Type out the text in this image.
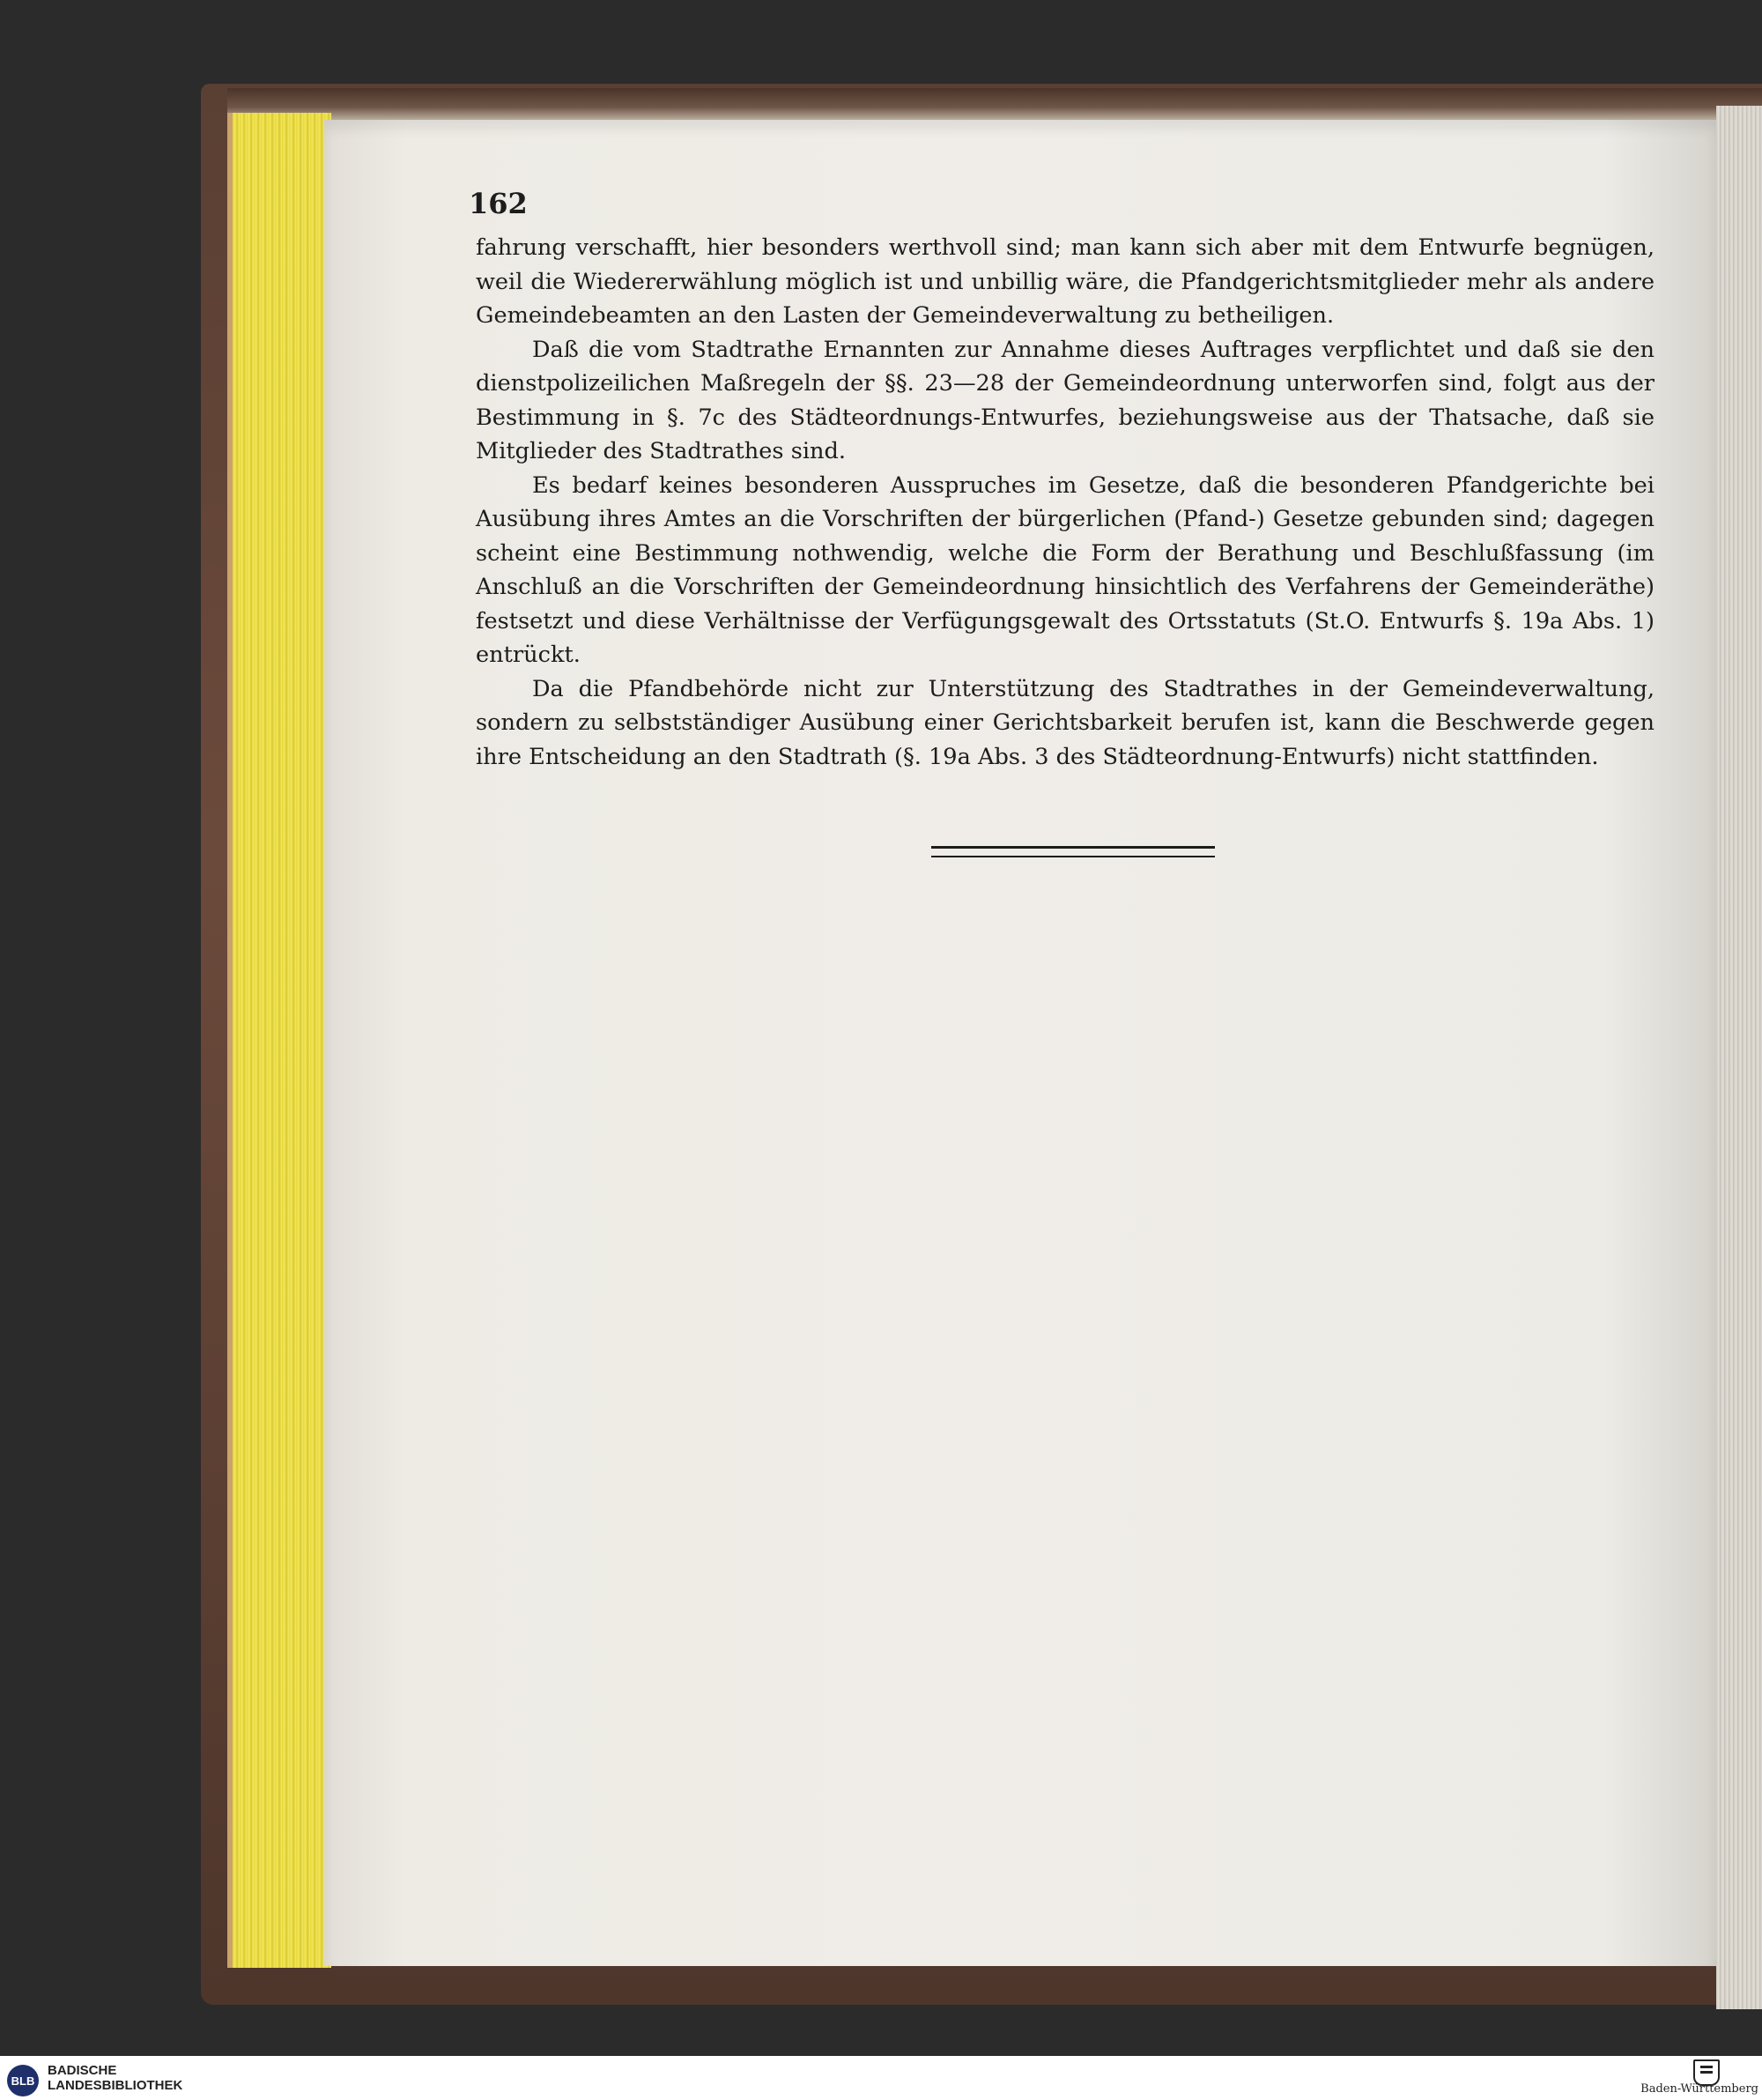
162

fahrung verschafft, hier besonders werthvoll sind; man kann sich aber mit dem Entwurfe begnügen, weil die Wiedererwählung möglich ist und unbillig wäre, die Pfandgerichtsmitglieder mehr als andere Gemeindebeamten an den Lasten der Gemeindeverwaltung zu betheiligen.

Daß die vom Stadtrathe Ernannten zur Annahme dieses Auftrages verpflichtet und daß sie den dienstpolizeilichen Maßregeln der §§. 23—28 der Gemeindeordnung unterworfen sind, folgt aus der Bestimmung in §. 7c des Städteordnungs-Entwurfes, beziehungsweise aus der Thatsache, daß sie Mitglieder des Stadtrathes sind.

Es bedarf keines besonderen Ausspruches im Gesetze, daß die besonderen Pfandgerichte bei Ausübung ihres Amtes an die Vorschriften der bürgerlichen (Pfand-) Gesetze gebunden sind; dagegen scheint eine Bestimmung nothwendig, welche die Form der Berathung und Beschlußfassung (im Anschluß an die Vorschriften der Gemeindeordnung hinsichtlich des Verfahrens der Gemeinderäthe) festsetzt und diese Verhältnisse der Verfügungsgewalt des Ortsstatuts (St.O. Entwurfs §. 19a Abs. 1) entrückt.

Da die Pfandbehörde nicht zur Unterstützung des Stadtrathes in der Gemeindeverwaltung, sondern zu selbstständiger Ausübung einer Gerichtsbarkeit berufen ist, kann die Beschwerde gegen ihre Entscheidung an den Stadtrath (§. 19a Abs. 3 des Städteordnung-Entwurfs) nicht stattfinden.

BLB
BADISCHE
LANDESBIBLIOTHEK	Baden-Württemberg
